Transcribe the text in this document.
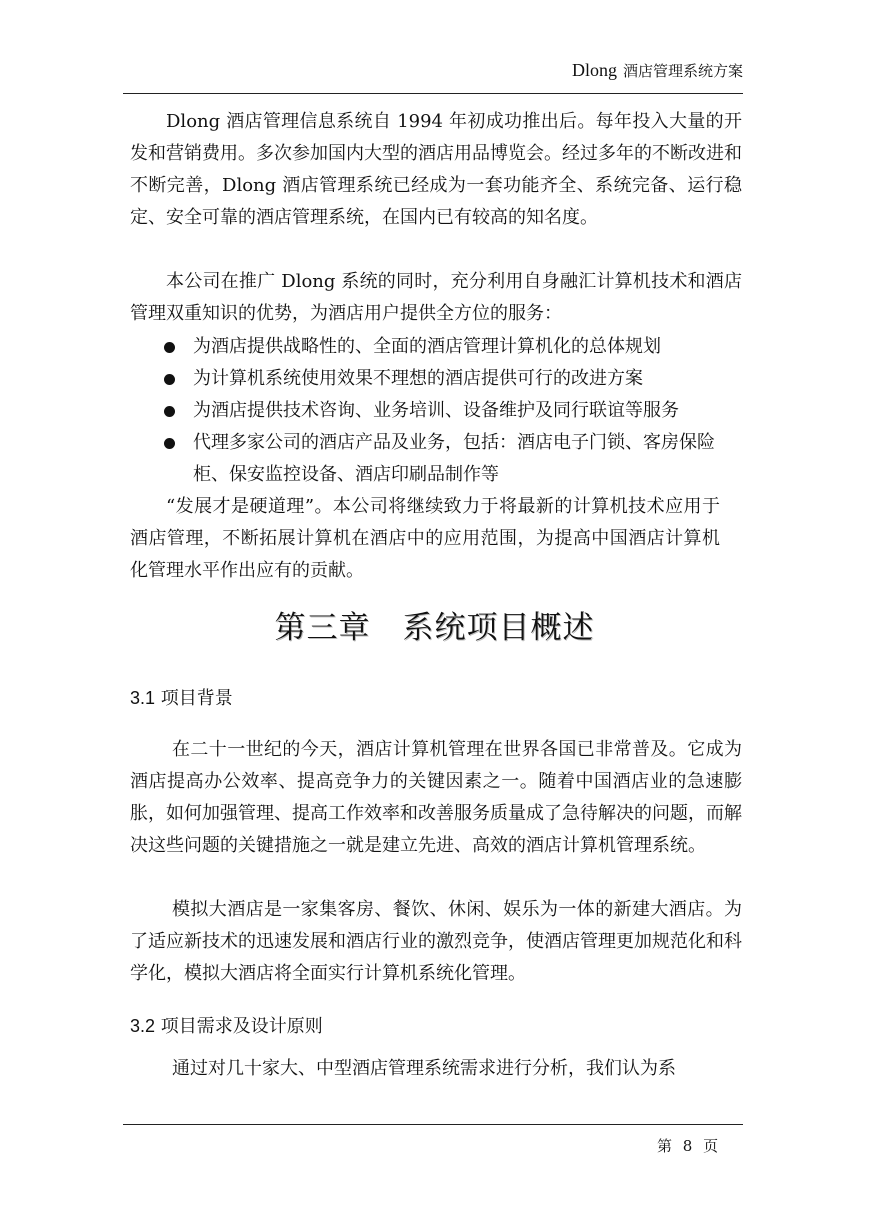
Dlong 酒店管理系统方案

Dlong 酒店管理信息系统自 1994 年初成功推出后。每年投入大量的开发和营销费用。多次参加国内大型的酒店用品博览会。经过多年的不断改进和不断完善，Dlong 酒店管理系统已经成为一套功能齐全、系统完备、运行稳定、安全可靠的酒店管理系统，在国内已有较高的知名度。

本公司在推广 Dlong 系统的同时，充分利用自身融汇计算机技术和酒店管理双重知识的优势，为酒店用户提供全方位的服务：

为酒店提供战略性的、全面的酒店管理计算机化的总体规划
为计算机系统使用效果不理想的酒店提供可行的改进方案
为酒店提供技术咨询、业务培训、设备维护及同行联谊等服务
代理多家公司的酒店产品及业务，包括：酒店电子门锁、客房保险柜、保安监控设备、酒店印刷品制作等

“发展才是硬道理”。本公司将继续致力于将最新的计算机技术应用于酒店管理，不断拓展计算机在酒店中的应用范围，为提高中国酒店计算机化管理水平作出应有的贡献。

第三章　系统项目概述
3.1 项目背景

在二十一世纪的今天，酒店计算机管理在世界各国已非常普及。它成为酒店提高办公效率、提高竞争力的关键因素之一。随着中国酒店业的急速膨胀，如何加强管理、提高工作效率和改善服务质量成了急待解决的问题，而解决这些问题的关键措施之一就是建立先进、高效的酒店计算机管理系统。

模拟大酒店是一家集客房、餐饮、休闲、娱乐为一体的新建大酒店。为了适应新技术的迅速发展和酒店行业的激烈竞争，使酒店管理更加规范化和科学化，模拟大酒店将全面实行计算机系统化管理。

3.2 项目需求及设计原则

通过对几十家大、中型酒店管理系统需求进行分析，我们认为系

第 8 页
